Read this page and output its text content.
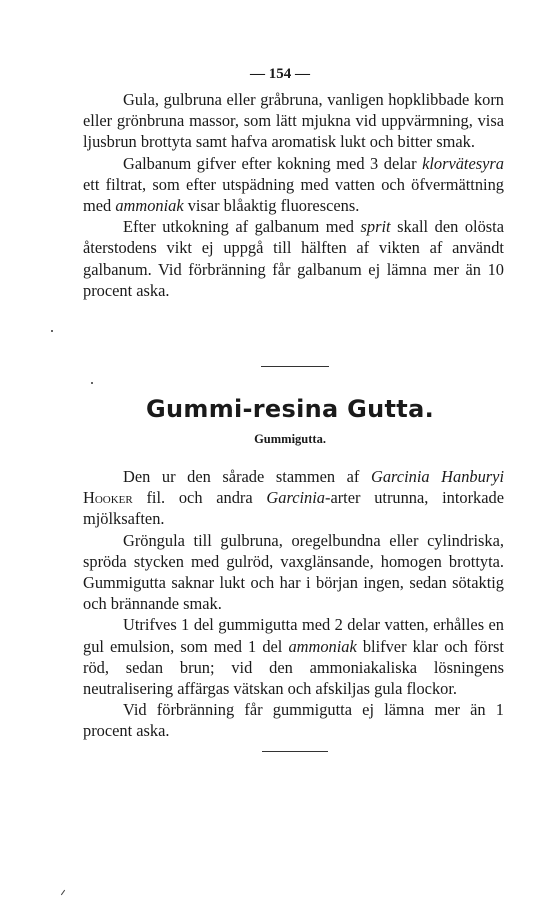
— 154 —

Gula, gulbruna eller gråbruna, vanligen hopklibbade korn eller grönbruna massor, som lätt mjukna vid uppvärmning, visa ljusbrun brottyta samt hafva aromatisk lukt och bitter smak.

Galbanum gifver efter kokning med 3 delar klorvätesyra ett filtrat, som efter utspädning med vatten och öfvermättning med ammoniak visar blåaktig fluorescens.

Efter utkokning af galbanum med sprit skall den olösta återstodens vikt ej uppgå till hälften af vikten af användt galbanum. Vid förbränning får galbanum ej lämna mer än 10 procent aska.

Gummi-resina Gutta.
Gummigutta.

Den ur den sårade stammen af Garcinia Hanburyi Hooker fil. och andra Garcinia-arter utrunna, intorkade mjölksaften.

Gröngula till gulbruna, oregelbundna eller cylindriska, spröda stycken med gulröd, vaxglänsande, homogen brottyta. Gummigutta saknar lukt och har i början ingen, sedan sötaktig och brännande smak.

Utrifves 1 del gummigutta med 2 delar vatten, erhålles en gul emulsion, som med 1 del ammoniak blifver klar och först röd, sedan brun; vid den ammoniakaliska lösningens neutralisering affärgas vätskan och afskiljas gula flockor.

Vid förbränning får gummigutta ej lämna mer än 1 procent aska.
